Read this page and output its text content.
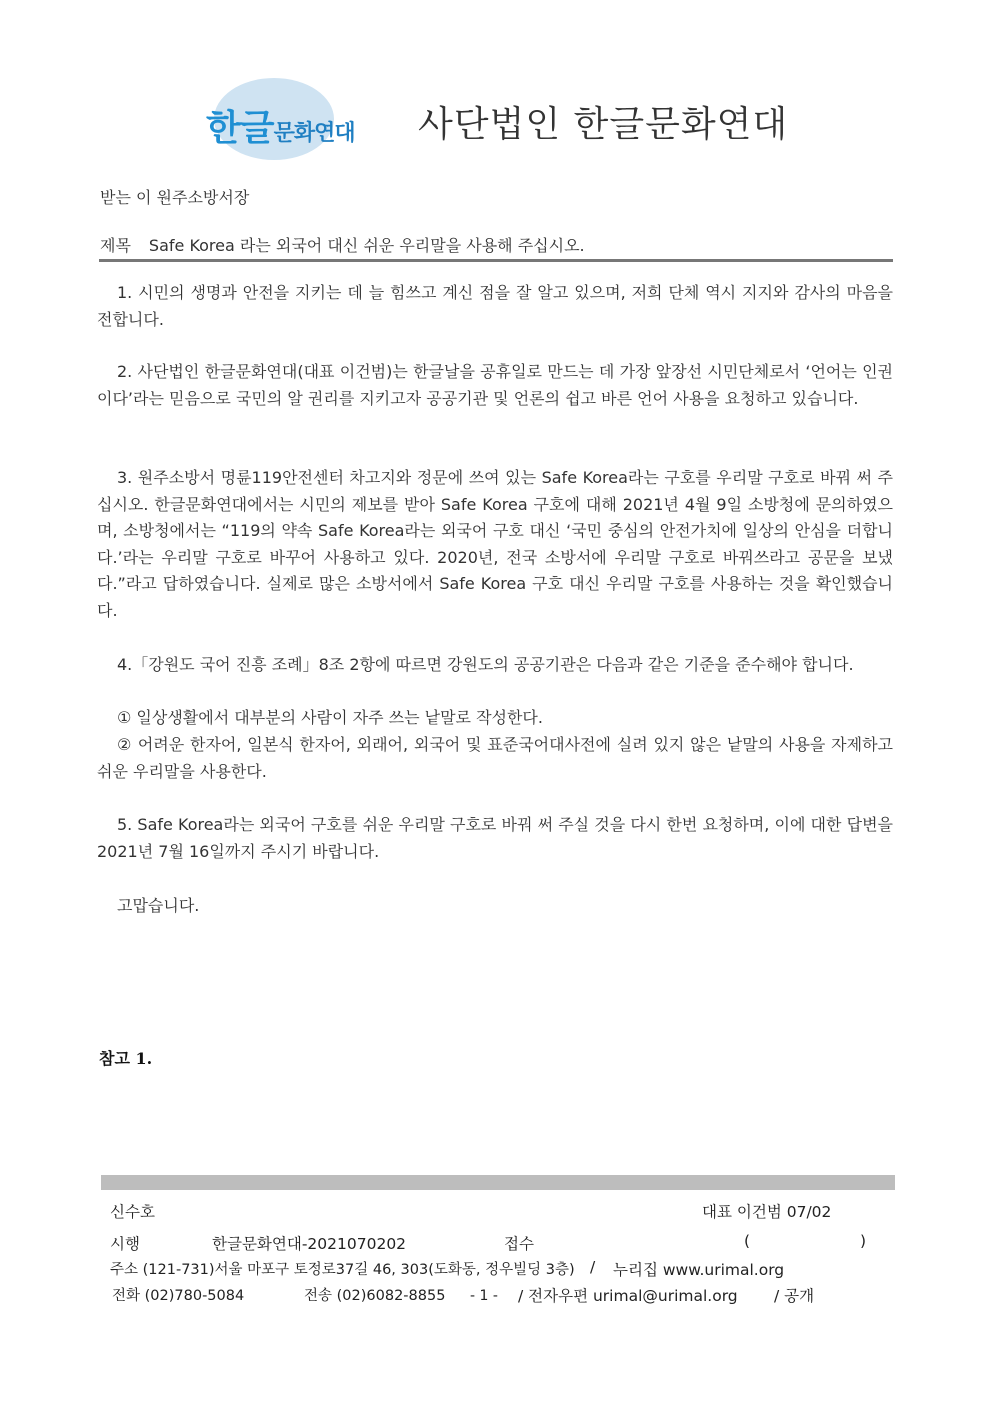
한글문화연대 사단법인 한글문화연대
받는 이 원주소방서장
제목 Safe Korea 라는 외국어 대신 쉬운 우리말을 사용해 주십시오.
1. 시민의 생명과 안전을 지키는 데 늘 힘쓰고 계신 점을 잘 알고 있으며, 저희 단체 역시 지지와 감사의 마음을 전합니다.
2. 사단법인 한글문화연대(대표 이건범)는 한글날을 공휴일로 만드는 데 가장 앞장선 시민단체로서 ‘언어는 인권이다’라는 믿음으로 국민의 알 권리를 지키고자 공공기관 및 언론의 쉽고 바른 언어 사용을 요청하고 있습니다.
3. 원주소방서 명륜119안전센터 차고지와 정문에 쓰여 있는 Safe Korea라는 구호를 우리말 구호로 바꿔 써 주십시오. 한글문화연대에서는 시민의 제보를 받아 Safe Korea 구호에 대해 2021년 4월 9일 소방청에 문의하였으며, 소방청에서는 “119의 약속 Safe Korea라는 외국어 구호 대신 ‘국민 중심의 안전가치에 일상의 안심을 더합니다.’라는 우리말 구호로 바꾸어 사용하고 있다. 2020년, 전국 소방서에 우리말 구호로 바꿔쓰라고 공문을 보냈다.”라고 답하였습니다. 실제로 많은 소방서에서 Safe Korea 구호 대신 우리말 구호를 사용하는 것을 확인했습니다.
4.「강원도 국어 진흥 조례」8조 2항에 따르면 강원도의 공공기관은 다음과 같은 기준을 준수해야 합니다.
① 일상생활에서 대부분의 사람이 자주 쓰는 낱말로 작성한다.
② 어려운 한자어, 일본식 한자어, 외래어, 외국어 및 표준국어대사전에 실려 있지 않은 낱말의 사용을 자제하고 쉬운 우리말을 사용한다.
5. Safe Korea라는 외국어 구호를 쉬운 우리말 구호로 바꿔 써 주실 것을 다시 한번 요청하며, 이에 대한 답변을 2021년 7월 16일까지 주시기 바랍니다.
고맙습니다.
참고 1.
신수호	대표 이건범 07/02
시행	한글문화연대-2021070202	접수	(	)
주소 (121-731)서울 마포구 토정로37길 46, 303(도화동, 정우빌딩 3층) / 누리집 www.urimal.org
전화 (02)780-5084	전송 (02)6082-8855 - 1 - / 전자우편 urimal@urimal.org / 공개
